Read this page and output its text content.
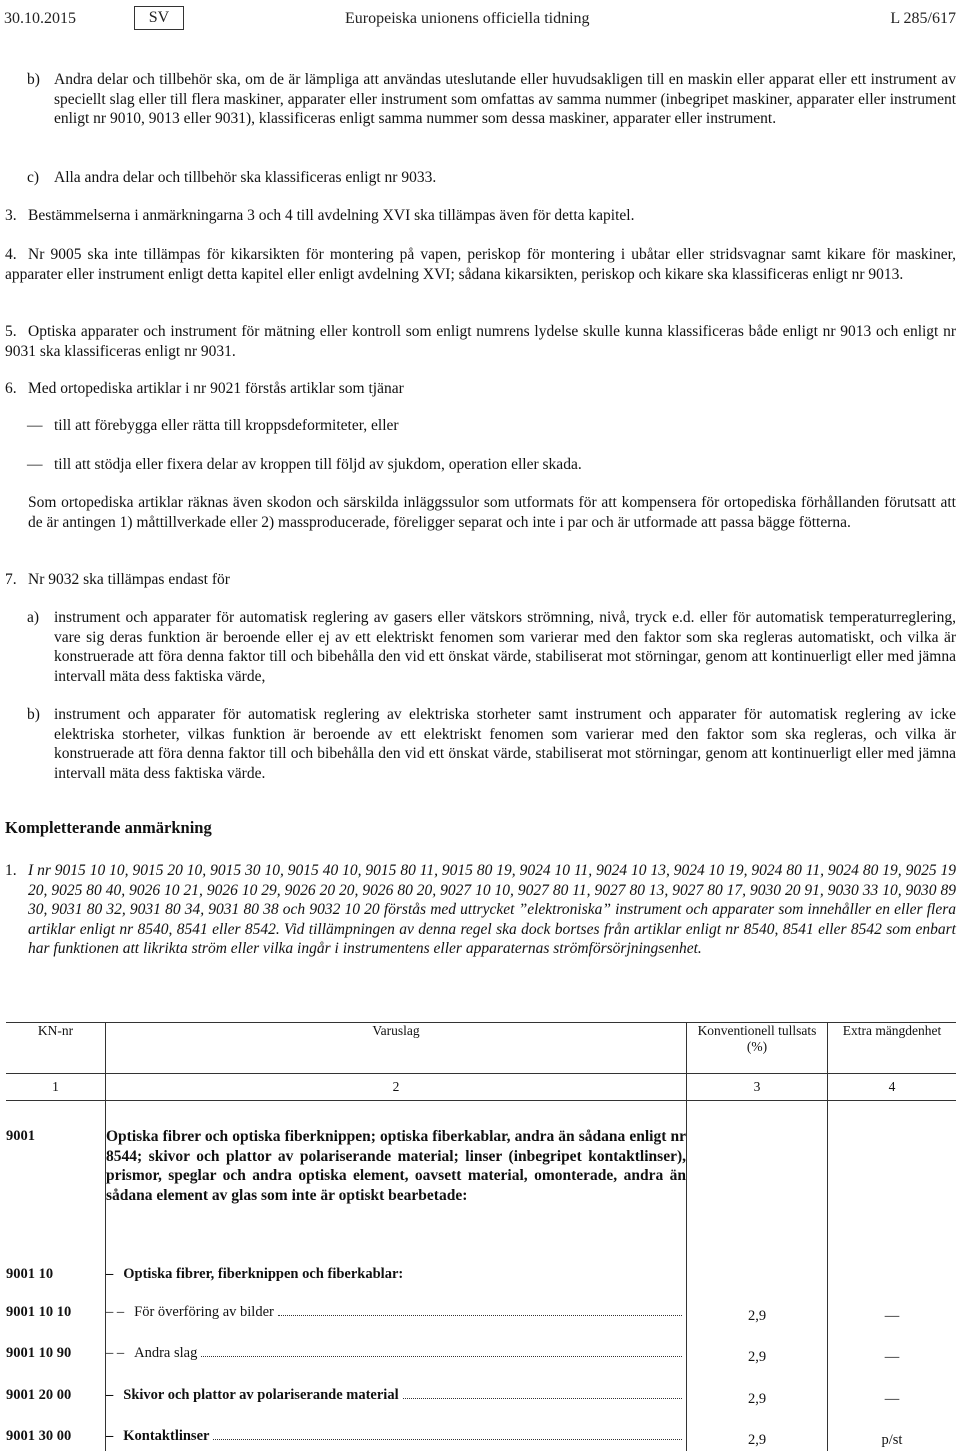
30.10.2015	SV	Europeiska unionens officiella tidning	L 285/617
b) Andra delar och tillbehör ska, om de är lämpliga att användas uteslutande eller huvudsakligen till en maskin eller apparat eller ett instrument av speciellt slag eller till flera maskiner, apparater eller instrument som omfattas av samma nummer (inbegripet maskiner, apparater eller instrument enligt nr 9010, 9013 eller 9031), klassificeras enligt samma nummer som dessa maskiner, apparater eller instrument.
c) Alla andra delar och tillbehör ska klassificeras enligt nr 9033.
3. Bestämmelserna i anmärkningarna 3 och 4 till avdelning XVI ska tillämpas även för detta kapitel.
4. Nr 9005 ska inte tillämpas för kikarsikten för montering på vapen, periskop för montering i ubåtar eller stridsvagnar samt kikare för maskiner, apparater eller instrument enligt detta kapitel eller enligt avdelning XVI; sådana kikarsikten, periskop och kikare ska klassificeras enligt nr 9013.
5. Optiska apparater och instrument för mätning eller kontroll som enligt numrens lydelse skulle kunna klassificeras både enligt nr 9013 och enligt nr 9031 ska klassificeras enligt nr 9031.
6. Med ortopediska artiklar i nr 9021 förstås artiklar som tjänar
— till att förebygga eller rätta till kroppsdeformiteter, eller
— till att stödja eller fixera delar av kroppen till följd av sjukdom, operation eller skada.
Som ortopediska artiklar räknas även skodon och särskilda inläggssulor som utformats för att kompensera för ortopediska förhållanden förutsatt att de är antingen 1) måttillverkade eller 2) massproducerade, föreligger separat och inte i par och är utformade att passa bägge fötterna.
7. Nr 9032 ska tillämpas endast för
a) instrument och apparater för automatisk reglering av gasers eller vätskors strömning, nivå, tryck e.d. eller för automatisk temperaturreglering, vare sig deras funktion är beroende eller ej av ett elektriskt fenomen som varierar med den faktor som ska regleras automatiskt, och vilka är konstruerade att föra denna faktor till och bibehålla den vid ett önskat värde, stabiliserat mot störningar, genom att kontinuerligt eller med jämna intervall mäta dess faktiska värde,
b) instrument och apparater för automatisk reglering av elektriska storheter samt instrument och apparater för automatisk reglering av icke elektriska storheter, vilkas funktion är beroende av ett elektriskt fenomen som varierar med den faktor som ska regleras, och vilka är konstruerade att föra denna faktor till och bibehålla den vid ett önskat värde, stabiliserat mot störningar, genom att kontinuerligt eller med jämna intervall mäta dess faktiska värde.
Kompletterande anmärkning
1. I nr 9015 10 10, 9015 20 10, 9015 30 10, 9015 40 10, 9015 80 11, 9015 80 19, 9024 10 11, 9024 10 13, 9024 10 19, 9024 80 11, 9024 80 19, 9025 19 20, 9025 80 40, 9026 10 21, 9026 10 29, 9026 20 20, 9026 80 20, 9027 10 10, 9027 80 11, 9027 80 13, 9027 80 17, 9030 20 91, 9030 33 10, 9030 89 30, 9031 80 32, 9031 80 34, 9031 80 38 och 9032 10 20 förstås med uttrycket ”elektroniska” instrument och apparater som innehåller en eller flera artiklar enligt nr 8540, 8541 eller 8542. Vid tillämpningen av denna regel ska dock bortses från artiklar enligt nr 8540, 8541 eller 8542 som enbart har funktionen att likrikta ström eller vilka ingår i instrumentens eller apparaternas strömförsörjningsenhet.
KN-nr	Varuslag	Konventionell tullsats (%)	Extra mängdenhet
1	2	3	4
9001	Optiska fibrer och optiska fiberknippen; optiska fiberkablar, andra än sådana enligt nr 8544; skivor och plattor av polariserande material; linser (inbegripet kontaktlinser), prismor, speglar och andra optiska element, oavsett material, omonterade, andra än sådana element av glas som inte är optiskt bearbetade:		
9001 10	– Optiska fibrer, fiberknippen och fiberkablar:		

9001 10 10	– – För överföring av bilder	2,9	—
9001 10 90	– – Andra slag	2,9	—
9001 20 00	– Skivor och plattor av polariserande material	2,9	—
9001 30 00	– Kontaktlinser	2,9	p/st
